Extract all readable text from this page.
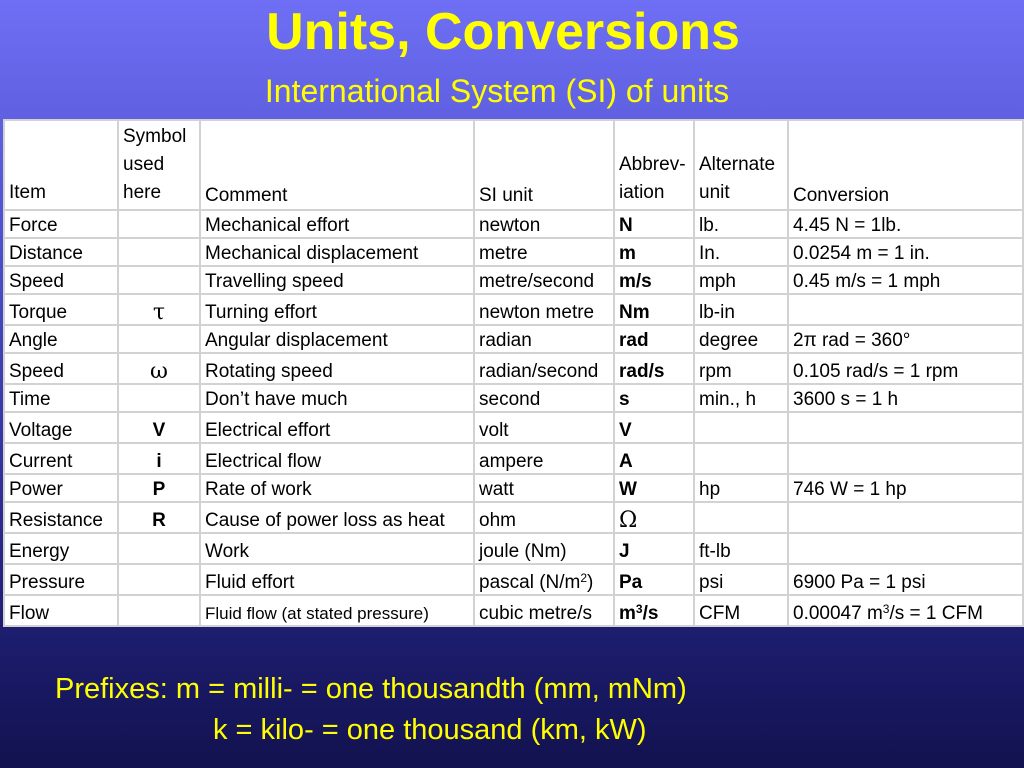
Units, Conversions
International System (SI) of units
Item	Symbol used here	Comment	SI unit	Abbrev-iation	Alternate unit	Conversion
Force		Mechanical effort	newton	N	lb.	4.45 N = 1lb.
Distance		Mechanical displacement	metre	m	In.	0.0254 m = 1 in.
Speed		Travelling speed	metre/second	m/s	mph	0.45 m/s = 1 mph
Torque	τ	Turning effort	newton metre	Nm	lb-in	
Angle		Angular displacement	radian	rad	degree	2π rad = 360°
Speed	ω	Rotating speed	radian/second	rad/s	rpm	0.105 rad/s = 1 rpm
Time		Don’t have much	second	s	min., h	3600 s = 1 h
Voltage	V	Electrical effort	volt	V		
Current	i	Electrical flow	ampere	A		
Power	P	Rate of work	watt	W	hp	746 W = 1 hp
Resistance	R	Cause of power loss as heat	ohm	Ω		
Energy		Work	joule (Nm)	J	ft-lb	
Pressure		Fluid effort	pascal $(N/m^2)$	Pa	psi	6900 Pa = 1 psi
Flow		Fluid flow (at stated pressure)	cubic metre/s	$m^3/s$	CFM	0.00047 $m^3/s = 1$ CFM
Prefixes: m = milli- = one thousandth (mm, mNm)
k = kilo- = one thousand (km, kW)
